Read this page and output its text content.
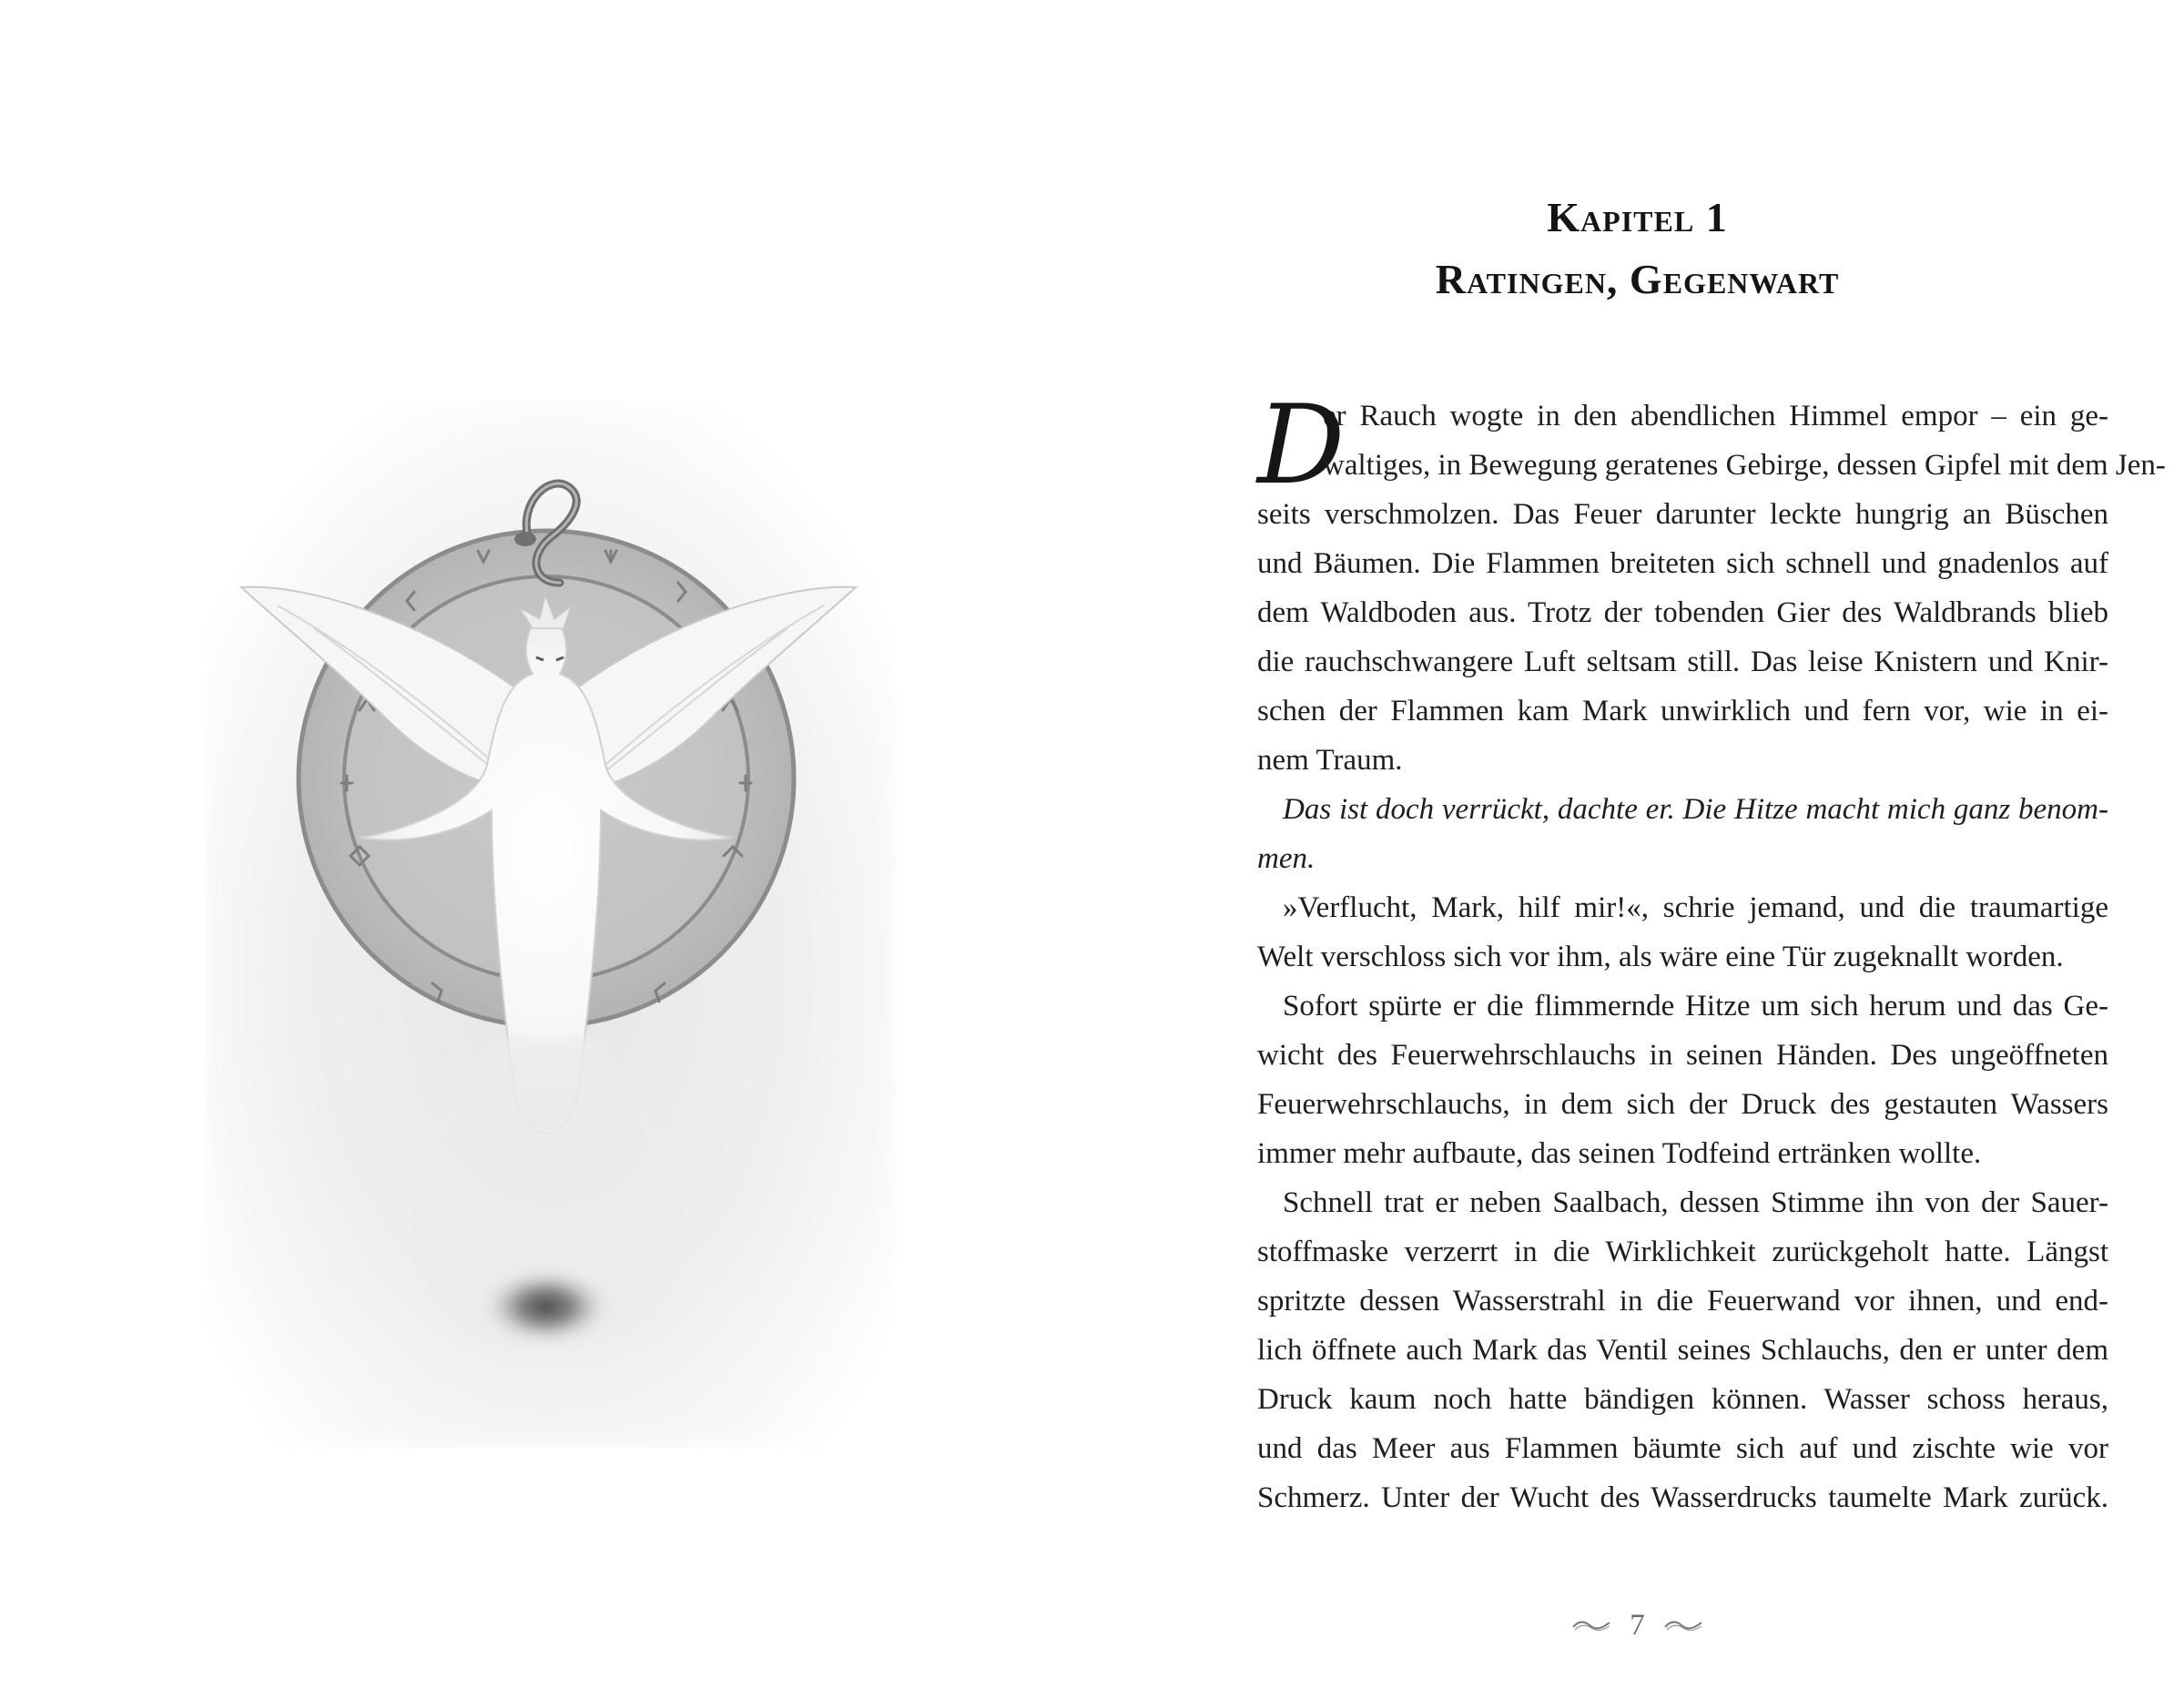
Kapitel 1
Ratingen, Gegenwart
D
er Rauch wogte in den abendlichen Himmel empor – ein ge-
waltiges, in Bewegung geratenes Gebirge, dessen Gipfel mit dem Jen-
seits verschmolzen. Das Feuer darunter leckte hungrig an Büschen
und Bäumen. Die Flammen breiteten sich schnell und gnadenlos auf
dem Waldboden aus. Trotz der tobenden Gier des Waldbrands blieb
die rauchschwangere Luft seltsam still. Das leise Knistern und Knir-
schen der Flammen kam Mark unwirklich und fern vor, wie in ei-
nem Traum.
Das ist doch verrückt, dachte er. Die Hitze macht mich ganz benom-
men.
»Verflucht, Mark, hilf mir!«, schrie jemand, und die traumartige
Welt verschloss sich vor ihm, als wäre eine Tür zugeknallt worden.
Sofort spürte er die flimmernde Hitze um sich herum und das Ge-
wicht des Feuerwehrschlauchs in seinen Händen. Des ungeöffneten
Feuerwehrschlauchs, in dem sich der Druck des gestauten Wassers
immer mehr aufbaute, das seinen Todfeind ertränken wollte.
Schnell trat er neben Saalbach, dessen Stimme ihn von der Sauer-
stoffmaske verzerrt in die Wirklichkeit zurückgeholt hatte. Längst
spritzte dessen Wasserstrahl in die Feuerwand vor ihnen, und end-
lich öffnete auch Mark das Ventil seines Schlauchs, den er unter dem
Druck kaum noch hatte bändigen können. Wasser schoss heraus,
und das Meer aus Flammen bäumte sich auf und zischte wie vor
Schmerz. Unter der Wucht des Wasserdrucks taumelte Mark zurück.
7
